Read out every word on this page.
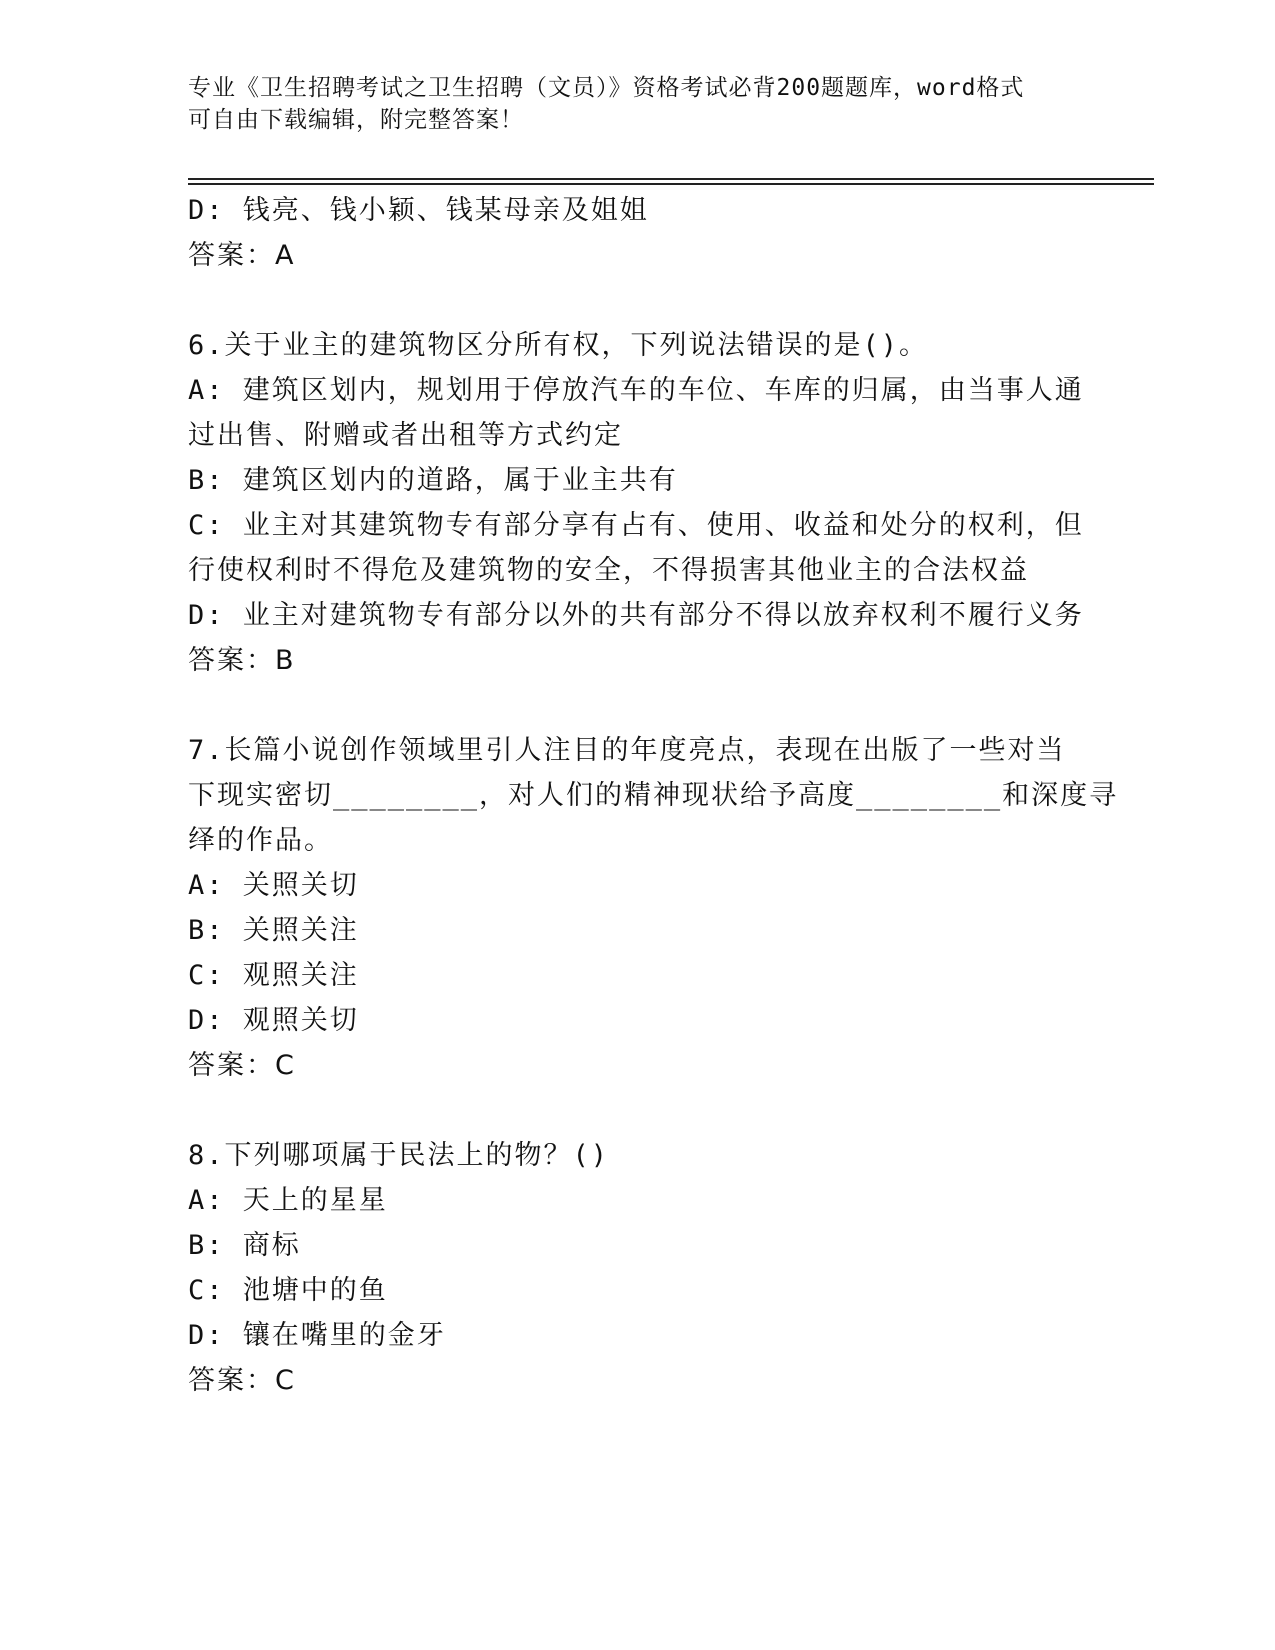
专业《卫生招聘考试之卫生招聘（文员）》资格考试必背200题题库，word格式
可自由下载编辑，附完整答案！
D: 钱亮、钱小颖、钱某母亲及姐姐
答案：A
6.关于业主的建筑物区分所有权，下列说法错误的是()。
A: 建筑区划内，规划用于停放汽车的车位、车库的归属，由当事人通
过出售、附赠或者出租等方式约定
B: 建筑区划内的道路，属于业主共有
C: 业主对其建筑物专有部分享有占有、使用、收益和处分的权利，但
行使权利时不得危及建筑物的安全，不得损害其他业主的合法权益
D: 业主对建筑物专有部分以外的共有部分不得以放弃权利不履行义务
答案：B
7.长篇小说创作领域里引人注目的年度亮点，表现在出版了一些对当
下现实密切________，对人们的精神现状给予高度________和深度寻
绎的作品。
A: 关照关切
B: 关照关注
C: 观照关注
D: 观照关切
答案：C
8.下列哪项属于民法上的物？()
A: 天上的星星
B: 商标
C: 池塘中的鱼
D: 镶在嘴里的金牙
答案：C
